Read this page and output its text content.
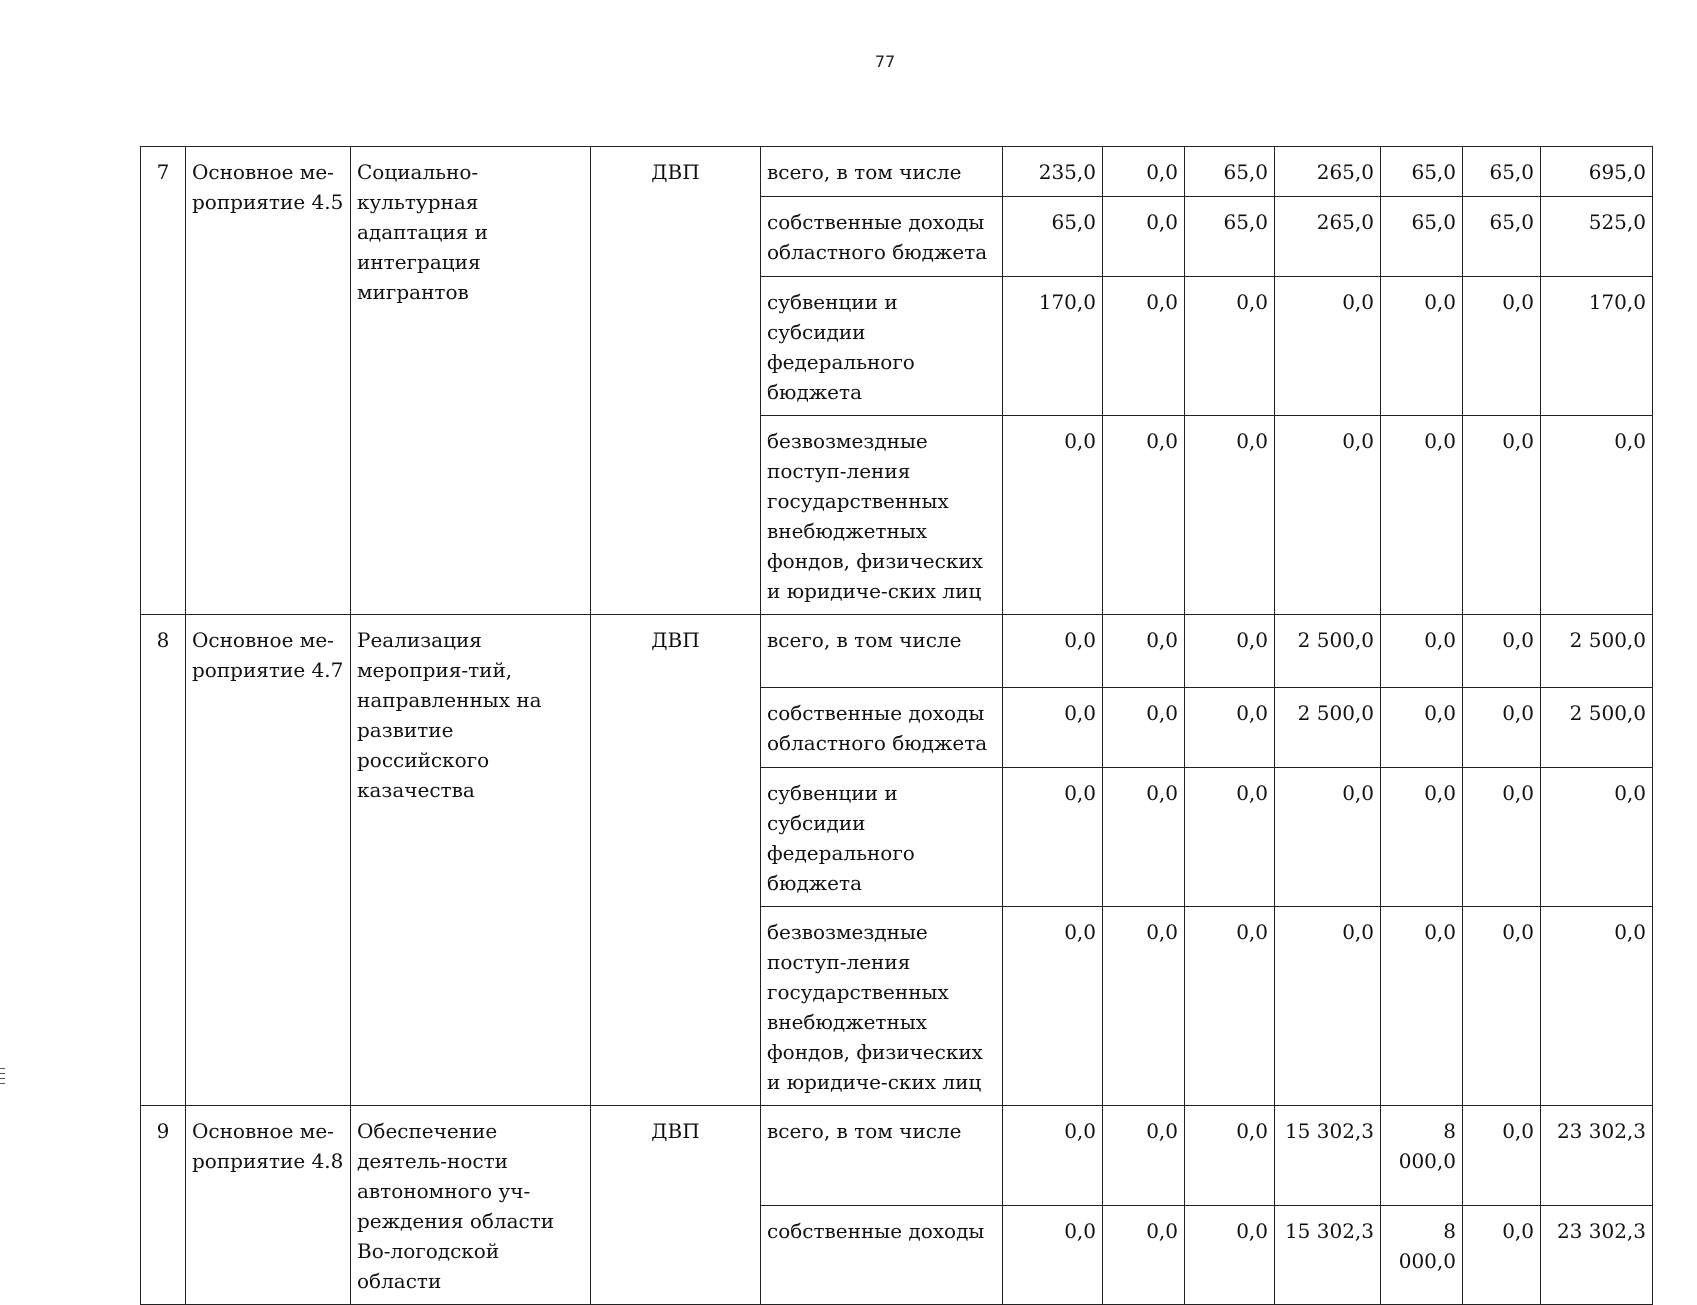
77
7	Основное ме-роприятие 4.5	Социально-культурная адаптация и интеграция мигрантов	ДВП	всего, в том числе	235,0	0,0	65,0	265,0	65,0	65,0	695,0
				собственные доходы областного бюджета	65,0	0,0	65,0	265,0	65,0	65,0	525,0
				субвенции и субсидии федерального бюджета	170,0	0,0	0,0	0,0	0,0	0,0	170,0
				безвозмездные поступ-ления государственных внебюджетных фондов, физических и юридиче-ских лиц	0,0	0,0	0,0	0,0	0,0	0,0	0,0
8	Основное ме-роприятие 4.7	Реализация мероприя-тий, направленных на развитие российского казачества	ДВП	всего, в том числе	0,0	0,0	0,0	2 500,0	0,0	0,0	2 500,0
				собственные доходы областного бюджета	0,0	0,0	0,0	2 500,0	0,0	0,0	2 500,0
				субвенции и субсидии федерального бюджета	0,0	0,0	0,0	0,0	0,0	0,0	0,0
				безвозмездные поступ-ления государственных внебюджетных фондов, физических и юридиче-ских лиц	0,0	0,0	0,0	0,0	0,0	0,0	0,0
9	Основное ме-роприятие 4.8	Обеспечение деятель-ности автономного уч-реждения области Во-логодской области	ДВП	всего, в том числе	0,0	0,0	0,0	15 302,3	8 000,0	0,0	23 302,3
				собственные доходы	0,0	0,0	0,0	15 302,3	8 000,0	0,0	23 302,3
